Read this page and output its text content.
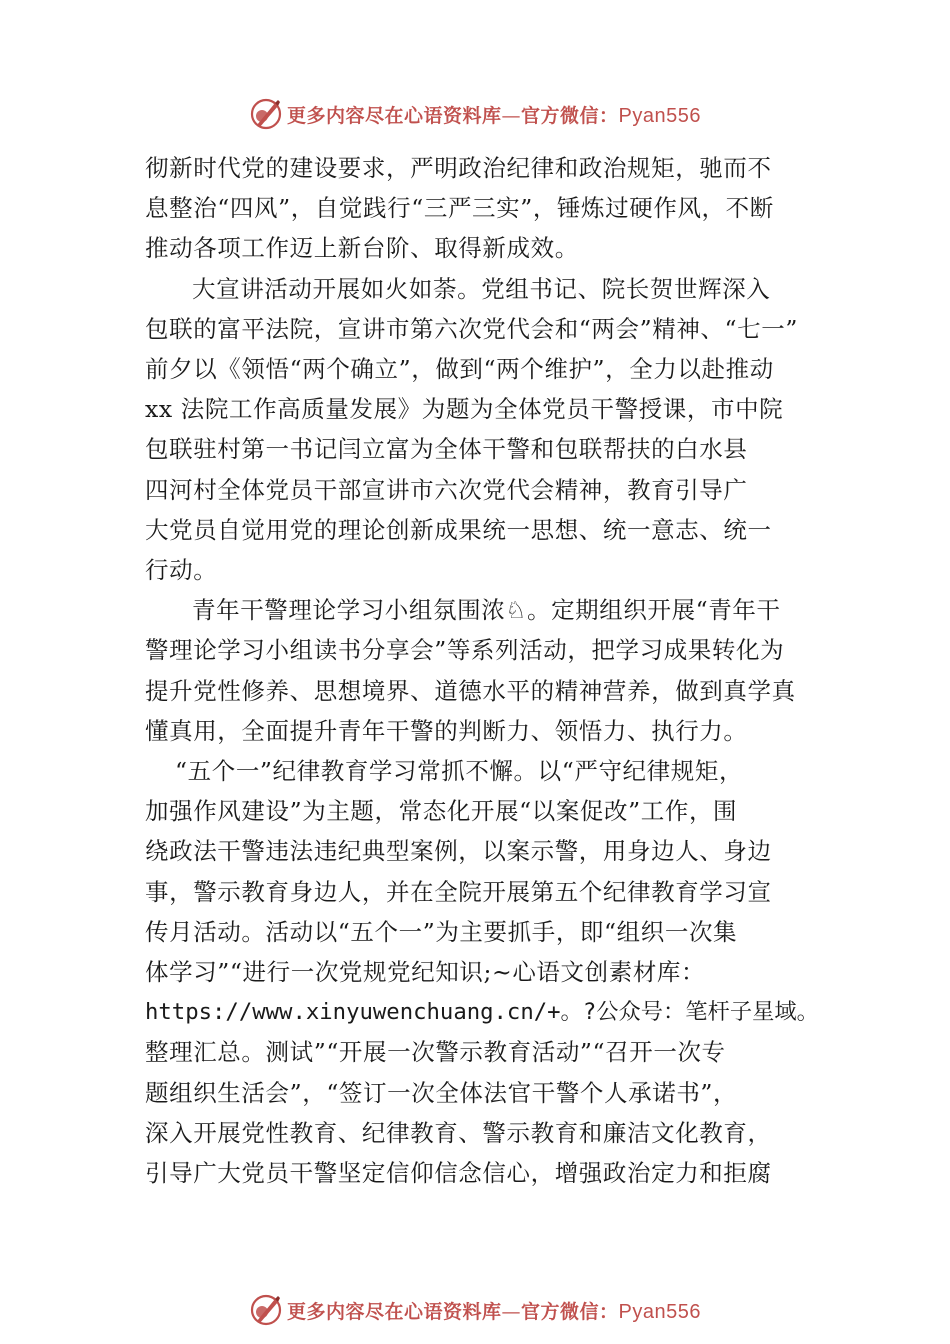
更多内容尽在心语资料库—官方微信：Pyan556
彻新时代党的建设要求，严明政治纪律和政治规矩，驰而不
息整治“四风”，自觉践行“三严三实”，锤炼过硬作风，不断
推动各项工作迈上新台阶、取得新成效。
大宣讲活动开展如火如荼。党组书记、院长贺世辉深入
包联的富平法院，宣讲市第六次党代会和“两会”精神、“七一”
前夕以《领悟“两个确立”，做到“两个维护”，全力以赴推动
xx 法院工作高质量发展》为题为全体党员干警授课，市中院
包联驻村第一书记闫立富为全体干警和包联帮扶的白水县
四河村全体党员干部宣讲市六次党代会精神，教育引导广
大党员自觉用党的理论创新成果统一思想、统一意志、统一
行动。
青年干警理论学习小组氛围浓♘。定期组织开展“青年干
警理论学习小组读书分享会”等系列活动，把学习成果转化为
提升党性修养、思想境界、道德水平的精神营养，做到真学真
懂真用，全面提升青年干警的判断力、领悟力、执行力。
“五个一”纪律教育学习常抓不懈。以“严守纪律规矩，
加强作风建设”为主题，常态化开展“以案促改”工作，围
绕政法干警违法违纪典型案例，以案示警，用身边人、身边
事，警示教育身边人，并在全院开展第五个纪律教育学习宣
传月活动。活动以“五个一”为主要抓手，即“组织一次集
体学习”“进行一次党规党纪知识;~心语文创素材库：
https://www.xinyuwenchuang.cn/+。?公众号：笔杆子星域。
整理汇总。测试”“开展一次警示教育活动”“召开一次专
题组织生活会”，“签订一次全体法官干警个人承诺书”，
深入开展党性教育、纪律教育、警示教育和廉洁文化教育，
引导广大党员干警坚定信仰信念信心，增强政治定力和拒腐
更多内容尽在心语资料库—官方微信：Pyan556
